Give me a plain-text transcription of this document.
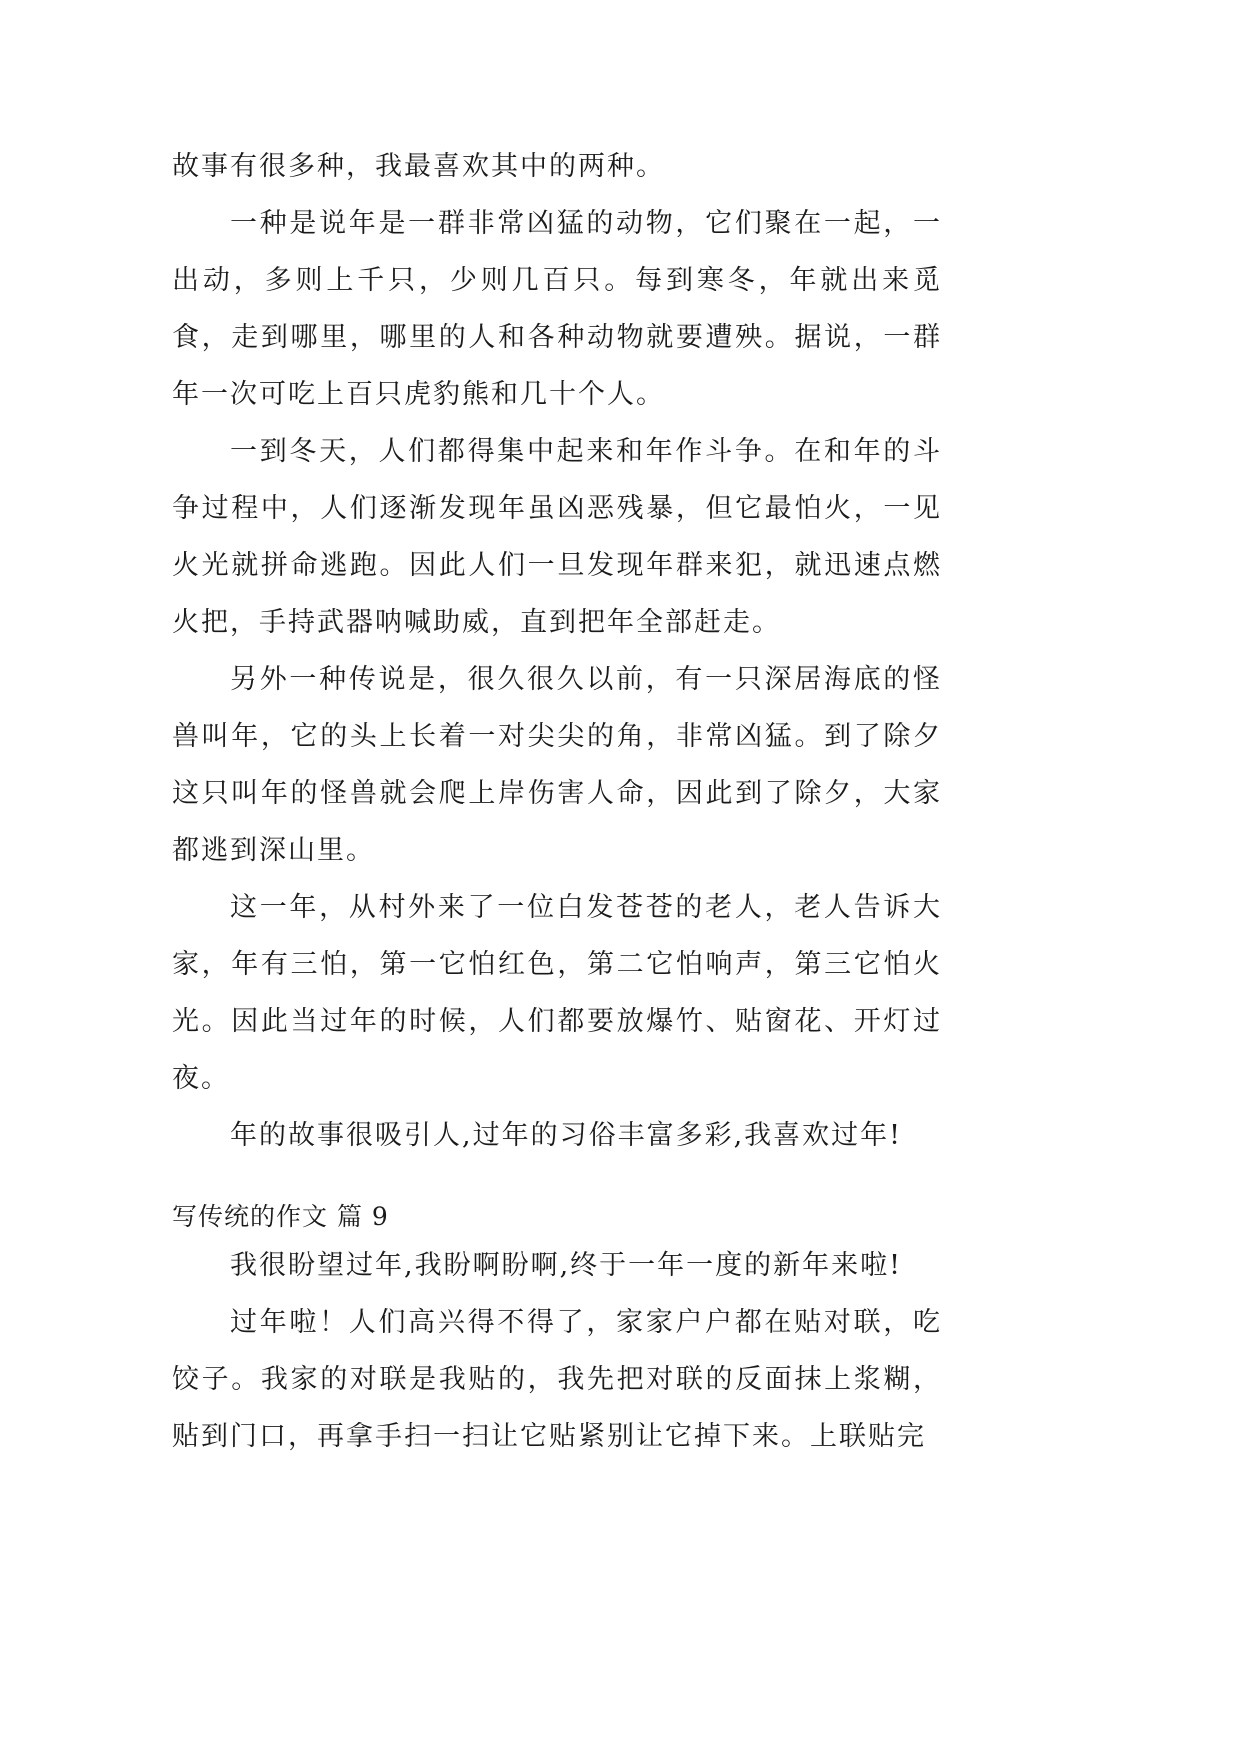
故事有很多种，我最喜欢其中的两种。

一种是说年是一群非常凶猛的动物，它们聚在一起，一出动，多则上千只，少则几百只。每到寒冬，年就出来觅食，走到哪里，哪里的人和各种动物就要遭殃。据说，一群年一次可吃上百只虎豹熊和几十个人。

一到冬天，人们都得集中起来和年作斗争。在和年的斗争过程中，人们逐渐发现年虽凶恶残暴，但它最怕火，一见火光就拼命逃跑。因此人们一旦发现年群来犯，就迅速点燃火把，手持武器呐喊助威，直到把年全部赶走。

另外一种传说是，很久很久以前，有一只深居海底的怪兽叫年，它的头上长着一对尖尖的角，非常凶猛。到了除夕这只叫年的怪兽就会爬上岸伤害人命，因此到了除夕，大家都逃到深山里。

这一年，从村外来了一位白发苍苍的老人，老人告诉大家，年有三怕，第一它怕红色，第二它怕响声，第三它怕火光。因此当过年的时候，人们都要放爆竹、贴窗花、开灯过夜。

年的故事很吸引人,过年的习俗丰富多彩,我喜欢过年!

写传统的作文 篇 9

我很盼望过年,我盼啊盼啊,终于一年一度的新年来啦!

过年啦！人们高兴得不得了，家家户户都在贴对联，吃饺子。我家的对联是我贴的，我先把对联的反面抹上浆糊，贴到门口，再拿手扫一扫让它贴紧别让它掉下来。上联贴完
